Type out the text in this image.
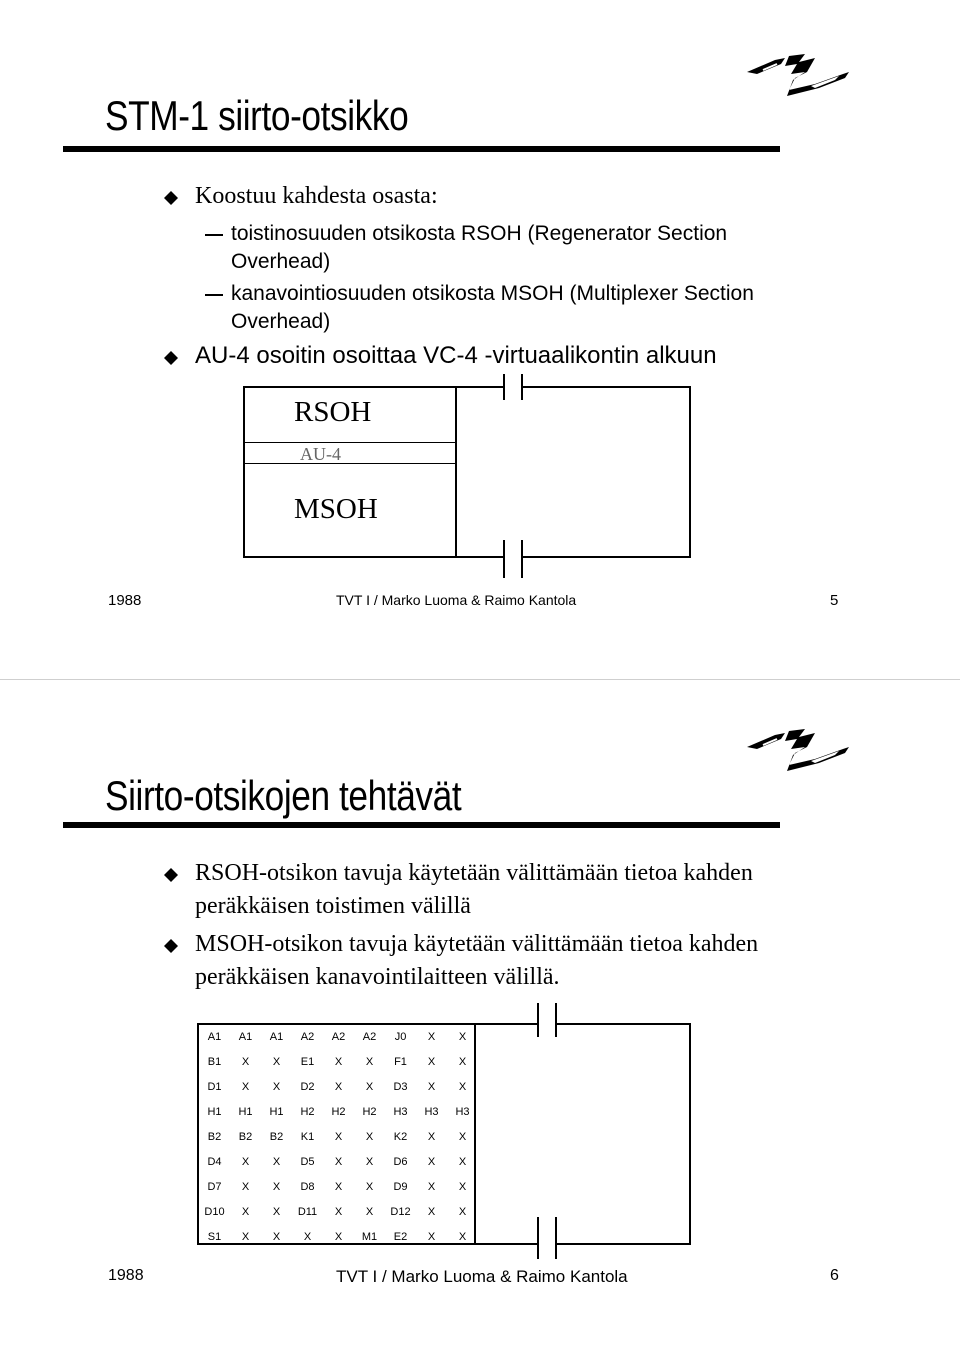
STM-1 siirto-otsikko
Koostuu kahdesta osasta:
toistinosuuden otsikosta RSOH (Regenerator Section
Overhead)
kanavointiosuuden otsikosta MSOH (Multiplexer Section
Overhead)
AU-4 osoitin osoittaa VC-4 -virtuaalikontin alkuun
RSOH
AU-4
MSOH
1988	TVT I / Marko Luoma & Raimo Kantola	5
Siirto-otsikojen tehtävät
RSOH-otsikon tavuja käytetään välittämään tietoa kahden
peräkkäisen toistimen välillä
MSOH-otsikon tavuja käytetään välittämään tietoa kahden
peräkkäisen kanavointilaitteen välillä.
A1	A1	A1	A2	A2	A2	J0	X	X
B1	X	X	E1	X	X	F1	X	X
D1	X	X	D2	X	X	D3	X	X
H1	H1	H1	H2	H2	H2	H3	H3	H3
B2	B2	B2	K1	X	X	K2	X	X
D4	X	X	D5	X	X	D6	X	X
D7	X	X	D8	X	X	D9	X	X
D10	X	X	D11	X	X	D12	X	X
S1	X	X	X	X	M1	E2	X	X
1988	TVT I / Marko Luoma & Raimo Kantola	6
